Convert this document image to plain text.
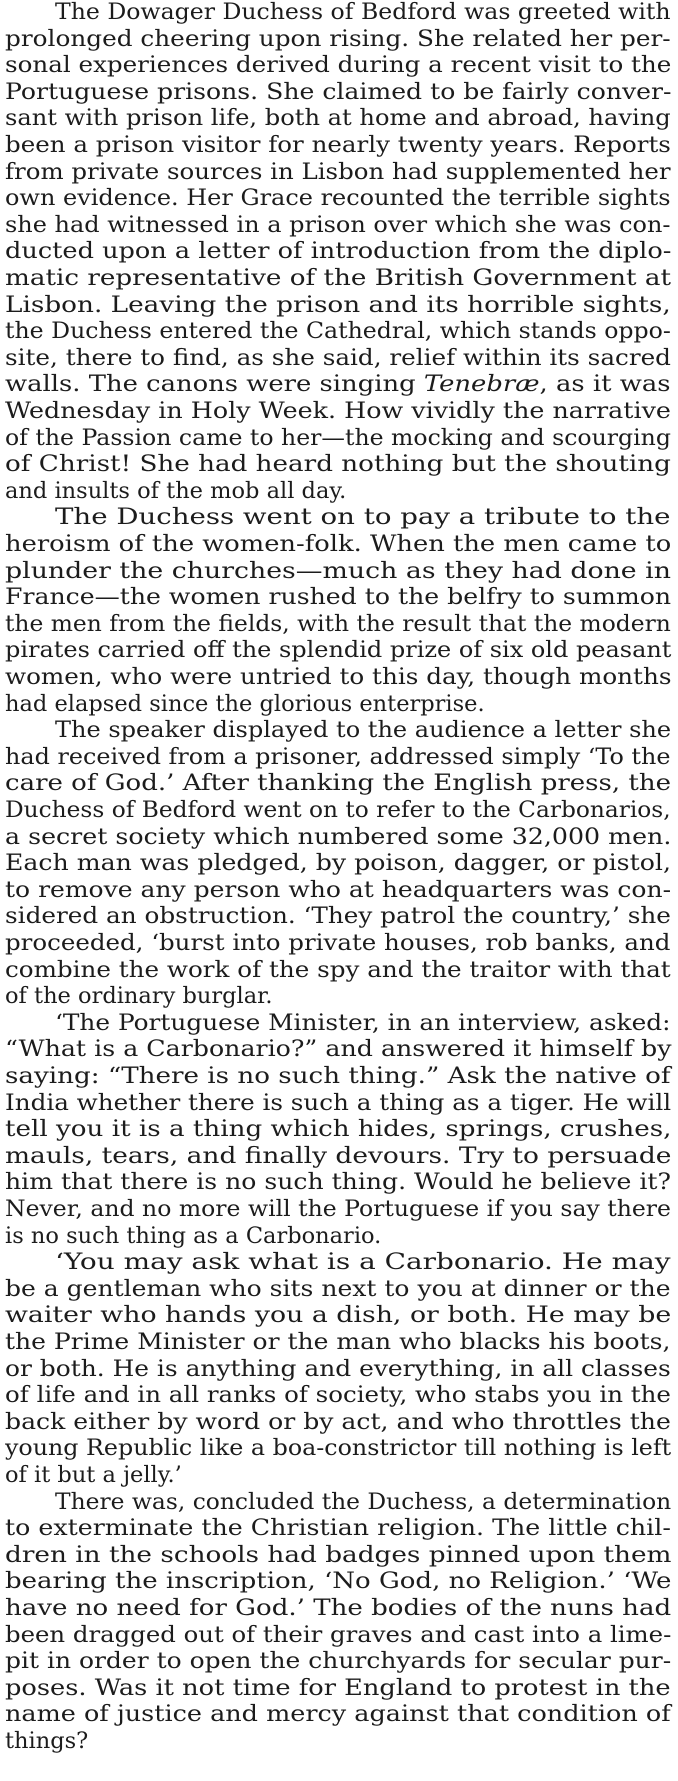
The Dowager Duchess of Bedford was greeted with
prolonged cheering upon rising. She related her per-
sonal experiences derived during a recent visit to the
Portuguese prisons. She claimed to be fairly conver-
sant with prison life, both at home and abroad, having
been a prison visitor for nearly twenty years. Reports
from private sources in Lisbon had supplemented her
own evidence. Her Grace recounted the terrible sights
she had witnessed in a prison over which she was con-
ducted upon a letter of introduction from the diplo-
matic representative of the British Government at
Lisbon. Leaving the prison and its horrible sights,
the Duchess entered the Cathedral, which stands oppo-
site, there to find, as she said, relief within its sacred
walls. The canons were singing Tenebræ, as it was
Wednesday in Holy Week. How vividly the narrative
of the Passion came to her—the mocking and scourging
of Christ! She had heard nothing but the shouting
and insults of the mob all day.
The Duchess went on to pay a tribute to the
heroism of the women-folk. When the men came to
plunder the churches—much as they had done in
France—the women rushed to the belfry to summon
the men from the fields, with the result that the modern
pirates carried off the splendid prize of six old peasant
women, who were untried to this day, though months
had elapsed since the glorious enterprise.
The speaker displayed to the audience a letter she
had received from a prisoner, addressed simply ‘To the
care of God.’ After thanking the English press, the
Duchess of Bedford went on to refer to the Carbonarios,
a secret society which numbered some 32,000 men.
Each man was pledged, by poison, dagger, or pistol,
to remove any person who at headquarters was con-
sidered an obstruction. ‘They patrol the country,’ she
proceeded, ‘burst into private houses, rob banks, and
combine the work of the spy and the traitor with that
of the ordinary burglar.
‘The Portuguese Minister, in an interview, asked:
“What is a Carbonario?” and answered it himself by
saying: “There is no such thing.” Ask the native of
India whether there is such a thing as a tiger. He will
tell you it is a thing which hides, springs, crushes,
mauls, tears, and finally devours. Try to persuade
him that there is no such thing. Would he believe it?
Never, and no more will the Portuguese if you say there
is no such thing as a Carbonario.
‘You may ask what is a Carbonario. He may
be a gentleman who sits next to you at dinner or the
waiter who hands you a dish, or both. He may be
the Prime Minister or the man who blacks his boots,
or both. He is anything and everything, in all classes
of life and in all ranks of society, who stabs you in the
back either by word or by act, and who throttles the
young Republic like a boa-constrictor till nothing is left
of it but a jelly.’
There was, concluded the Duchess, a determination
to exterminate the Christian religion. The little chil-
dren in the schools had badges pinned upon them
bearing the inscription, ‘No God, no Religion.’ ‘We
have no need for God.’ The bodies of the nuns had
been dragged out of their graves and cast into a lime-
pit in order to open the churchyards for secular pur-
poses. Was it not time for England to protest in the
name of justice and mercy against that condition of
things?
